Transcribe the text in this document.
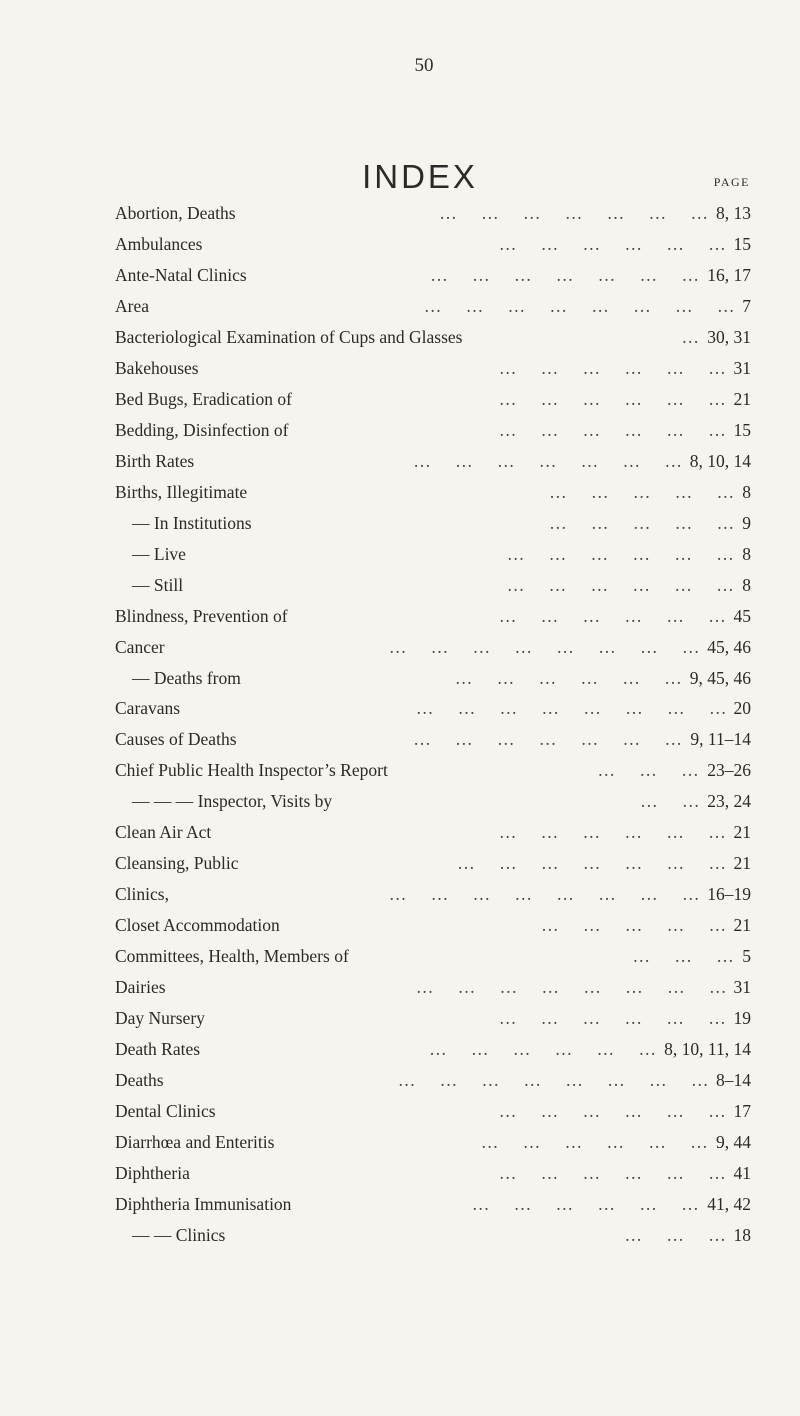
50
INDEX	PAGE
Abortion, Deaths	… … … … … … … 8, 13
Ambulances	… … … … … … 15
Ante-Natal Clinics	… … … … … … … 16, 17
Area	… … … … … … … … 7
Bacteriological Examination of Cups and Glasses	… 30, 31
Bakehouses	… … … … … … 31
Bed Bugs, Eradication of	… … … … … … 21
Bedding, Disinfection of	… … … … … … 15
Birth Rates	… … … … … … … 8, 10, 14
Births, Illegitimate	… … … … … 8
— In Institutions	… … … … … 9
— Live	… … … … … … 8
— Still	… … … … … … 8
Blindness, Prevention of	… … … … … … 45
Cancer	… … … … … … … … 45, 46
— Deaths from	… … … … … … 9, 45, 46
Caravans	… … … … … … … … 20
Causes of Deaths	… … … … … … … 9, 11–14
Chief Public Health Inspector’s Report	… … … 23–26
— — — Inspector, Visits by	… … 23, 24
Clean Air Act	… … … … … … 21
Cleansing, Public	… … … … … … … 21
Clinics,	… … … … … … … … 16–19
Closet Accommodation	… … … … … 21
Committees, Health, Members of	… … … 5
Dairies	… … … … … … … … 31
Day Nursery	… … … … … … 19
Death Rates	… … … … … … 8, 10, 11, 14
Deaths	… … … … … … … … 8–14
Dental Clinics	… … … … … … 17
Diarrhœa and Enteritis	… … … … … … 9, 44
Diphtheria	… … … … … … 41
Diphtheria Immunisation	… … … … … … 41, 42
— — Clinics	… … … 18
